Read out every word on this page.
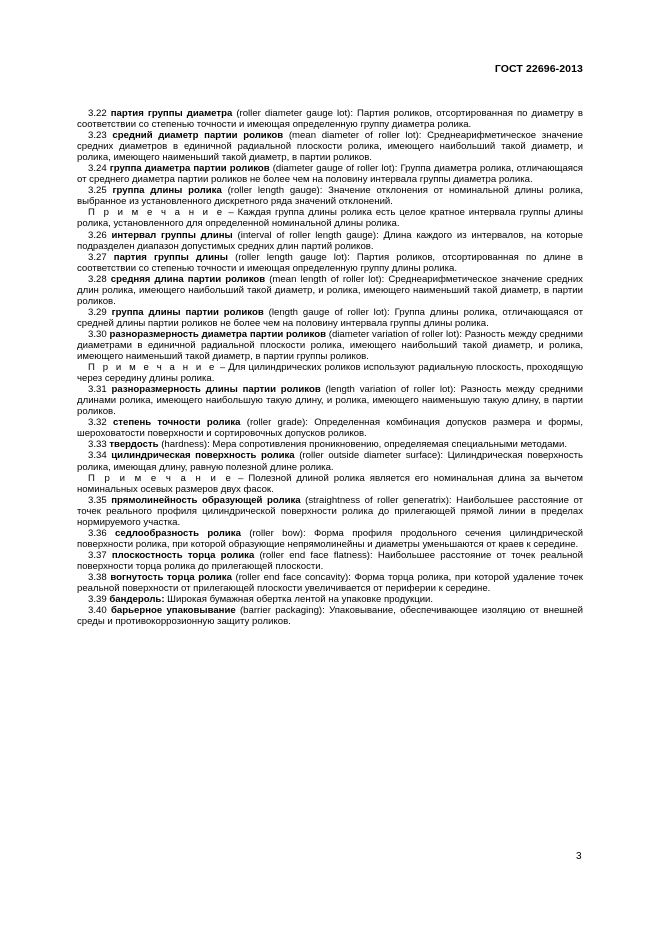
ГОСТ 22696-2013

3.22 партия группы диаметра (roller diameter gauge lot): Партия роликов, отсортированная по диаметру в соответствии со степенью точности и имеющая определенную группу диаметра ролика.

3.23 средний диаметр партии роликов (mean diameter of roller lot): Среднеарифметическое значение средних диаметров в единичной радиальной плоскости ролика, имеющего наибольший такой диаметр, и ролика, имеющего наименьший такой диаметр, в партии роликов.

3.24 группа диаметра партии роликов (diameter gauge of roller lot): Группа диаметра ролика, отличающаяся от среднего диаметра партии роликов не более чем на половину интервала группы диаметра ролика.

3.25 группа длины ролика (roller length gauge): Значение отклонения от номинальной длины ролика, выбранное из установленного дискретного ряда значений отклонений.

П р и м е ч а н и е – Каждая группа длины ролика есть целое кратное интервала группы длины ролика, установленного для определенной номинальной длины ролика.

3.26 интервал группы длины (interval of roller length gauge): Длина каждого из интервалов, на которые подразделен диапазон допустимых средних длин партий роликов.

3.27 партия группы длины (roller length gauge lot): Партия роликов, отсортированная по длине в соответствии со степенью точности и имеющая определенную группу длины ролика.

3.28 средняя длина партии роликов (mean length of roller lot): Среднеарифметическое значение средних длин ролика, имеющего наибольший такой диаметр, и ролика, имеющего наименьший такой диаметр, в партии роликов.

3.29 группа длины партии роликов (length gauge of roller lot): Группа длины ролика, отличающаяся от средней длины партии роликов не более чем на половину интервала группы длины ролика.

3.30 разноразмерность диаметра партии роликов (diameter variation of roller lot): Разность между средними диаметрами в единичной радиальной плоскости ролика, имеющего наибольший такой диаметр, и ролика, имеющего наименьший такой диаметр, в партии группы роликов.

П р и м е ч а н и е – Для цилиндрических роликов используют радиальную плоскость, проходящую через середину длины ролика.

3.31 разноразмерность длины партии роликов (length variation of roller lot): Разность между средними длинами ролика, имеющего наибольшую такую длину, и ролика, имеющего наименьшую такую длину, в партии роликов.

3.32 степень точности ролика (roller grade): Определенная комбинация допусков размера и формы, шероховатости поверхности и сортировочных допусков роликов.

3.33 твердость (hardness): Мера сопротивления проникновению, определяемая специальными методами.

3.34 цилиндрическая поверхность ролика (roller outside diameter surface): Цилиндрическая поверхность ролика, имеющая длину, равную полезной длине ролика.

П р и м е ч а н и е – Полезной длиной ролика является его номинальная длина за вычетом номинальных осевых размеров двух фасок.

3.35 прямолинейность образующей ролика (straightness of roller generatrix): Наибольшее расстояние от точек реального профиля цилиндрической поверхности ролика до прилегающей прямой линии в пределах нормируемого участка.

3.36 седлообразность ролика (roller bow): Форма профиля продольного сечения цилиндрической поверхности ролика, при которой образующие непрямолинейны и диаметры уменьшаются от краев к середине.

3.37 плоскостность торца ролика (roller end face flatness): Наибольшее расстояние от точек реальной поверхности торца ролика до прилегающей плоскости.

3.38 вогнутость торца ролика (roller end face concavity): Форма торца ролика, при которой удаление точек реальной поверхности от прилегающей плоскости увеличивается от периферии к середине.

3.39 бандероль: Широкая бумажная обертка лентой на упаковке продукции.

3.40 барьерное упаковывание (barrier packaging): Упаковывание, обеспечивающее изоляцию от внешней среды и противокоррозионную защиту роликов.

3
